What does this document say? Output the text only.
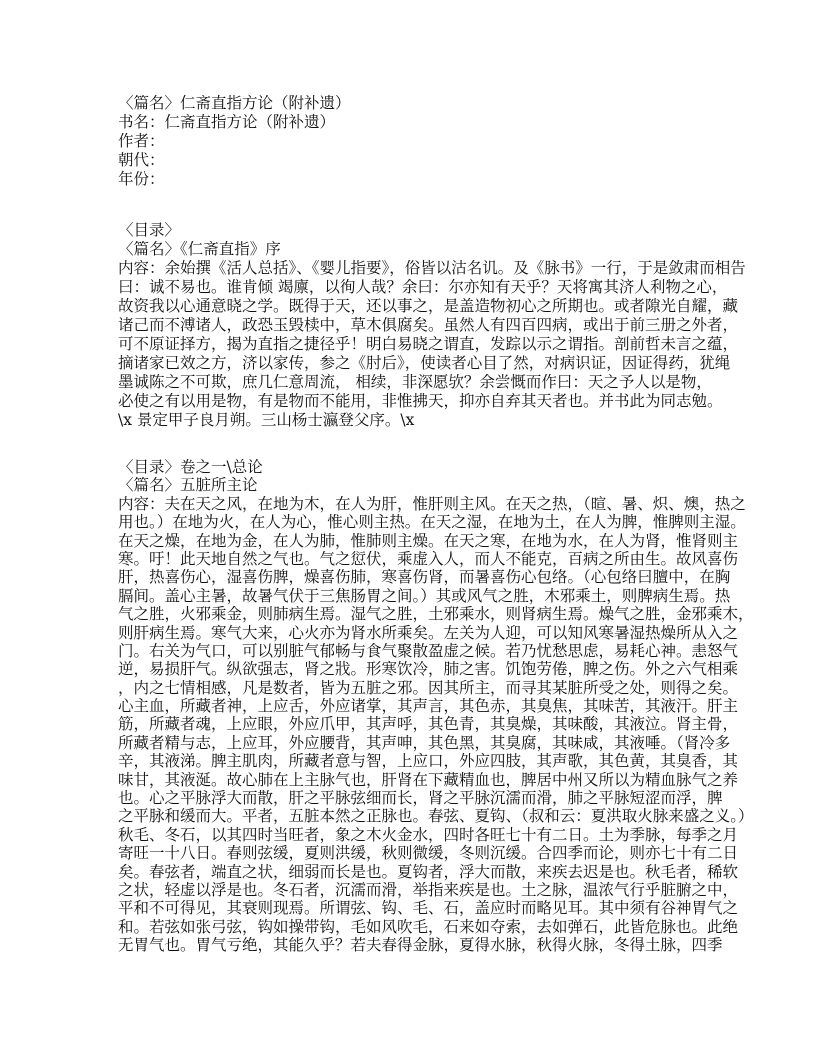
〈篇名〉仁斋直指方论（附补遗）
书名：仁斋直指方论（附补遗）
作者：
朝代：
年份：
〈目录〉
〈篇名〉《仁斋直指》序
内容：余始撰《活人总括》、《婴儿指要》，俗皆以沽名讥。及《脉书》一行，于是敛肃而相告
曰：诚不易也。谁肯倾 竭廪，以徇人哉？余曰：尔亦知有天乎？天将寓其济人利物之心，
故资我以心通意晓之学。既得于天，还以事之，是盖造物初心之所期也。或者隙光自耀，藏
诸己而不溥诸人，政恐玉毁椟中，草木俱腐矣。虽然人有四百四病，或出于前三册之外者，
可不原证择方，揭为直指之捷径乎！明白易晓之谓直，发踪以示之谓指。剖前哲未言之蕴，
摘诸家已效之方，济以家传，参之《肘后》，使读者心目了然，对病识证，因证得药，犹绳
墨诚陈之不可欺，庶几仁意周流， 相续，非深愿欤？余尝慨而作曰：天之予人以是物，
必使之有以用是物，有是物而不能用，非惟拂天，抑亦自弃其天者也。并书此为同志勉。
\x 景定甲子良月朔。三山杨士瀛登父序。\x
〈目录〉卷之一\总论
〈篇名〉五脏所主论
内容：夫在天之风，在地为木，在人为肝，惟肝则主风。在天之热，（暄、暑、炽、燠，热之
用也。）在地为火，在人为心，惟心则主热。在天之湿，在地为土，在人为脾，惟脾则主湿。
在天之燥，在地为金，在人为肺，惟肺则主燥。在天之寒，在地为水，在人为肾，惟肾则主
寒。吁！此天地自然之气也。气之愆伏，乘虚入人，而人不能克，百病之所由生。故风喜伤
肝，热喜伤心，湿喜伤脾，燥喜伤肺，寒喜伤肾，而暑喜伤心包络。（心包络曰膻中，在胸
膈间。盖心主暑，故暑气伏于三焦肠胃之间。）其或风气之胜，木邪乘土，则脾病生焉。热
气之胜，火邪乘金，则肺病生焉。湿气之胜，土邪乘水，则肾病生焉。燥气之胜，金邪乘木，
则肝病生焉。寒气大来，心火亦为肾水所乘矣。左关为人迎，可以知风寒暑湿热燥所从入之
门。右关为气口，可以别脏气郁畅与食气聚散盈虚之候。若乃忧愁思虑，易耗心神。恚怒气
逆，易损肝气。纵欲强志，肾之戕。形寒饮冷，肺之害。饥饱劳倦，脾之伤。外之六气相乘
，内之七情相感，凡是数者，皆为五脏之邪。因其所主，而寻其某脏所受之处，则得之矣。
心主血，所藏者神，上应舌，外应诸掌，其声言，其色赤，其臭焦，其味苦，其液汗。肝主
筋，所藏者魂，上应眼，外应爪甲，其声呼，其色青，其臭燥，其味酸，其液泣。肾主骨，
所藏者精与志，上应耳，外应腰背，其声呻，其色黑，其臭腐，其味咸，其液唾。（肾冷多
辛，其液涕。脾主肌肉，所藏者意与智，上应口，外应四肢，其声歌，其色黄，其臭香，其
味甘，其液涎。故心肺在上主脉气也，肝肾在下藏精血也，脾居中州又所以为精血脉气之养
也。心之平脉浮大而散，肝之平脉弦细而长，肾之平脉沉濡而滑，肺之平脉短涩而浮，脾
之平脉和缓而大。平者，五脏本然之正脉也。春弦、夏钩、（叔和云：夏洪取火脉来盛之义。）
秋毛、冬石，以其四时当旺者，象之木火金水，四时各旺七十有二日。土为季脉，每季之月
寄旺一十八日。春则弦缓，夏则洪缓，秋则微缓，冬则沉缓。合四季而论，则亦七十有二日
矣。春弦者，端直之状，细弱而长是也。夏钩者，浮大而散，来疾去迟是也。秋毛者，稀软
之状，轻虚以浮是也。冬石者，沉濡而滑，举指来疾是也。土之脉，温浓气行乎脏腑之中，
平和不可得见，其衰则现焉。所谓弦、钩、毛、石，盖应时而略见耳。其中须有谷神胃气之
和。若弦如张弓弦，钩如操带钩，毛如风吹毛，石来如夺索，去如弹石，此皆危脉也。此绝
无胃气也。胃气亏绝，其能久乎？若夫春得金脉，夏得水脉，秋得火脉，冬得土脉，四季
